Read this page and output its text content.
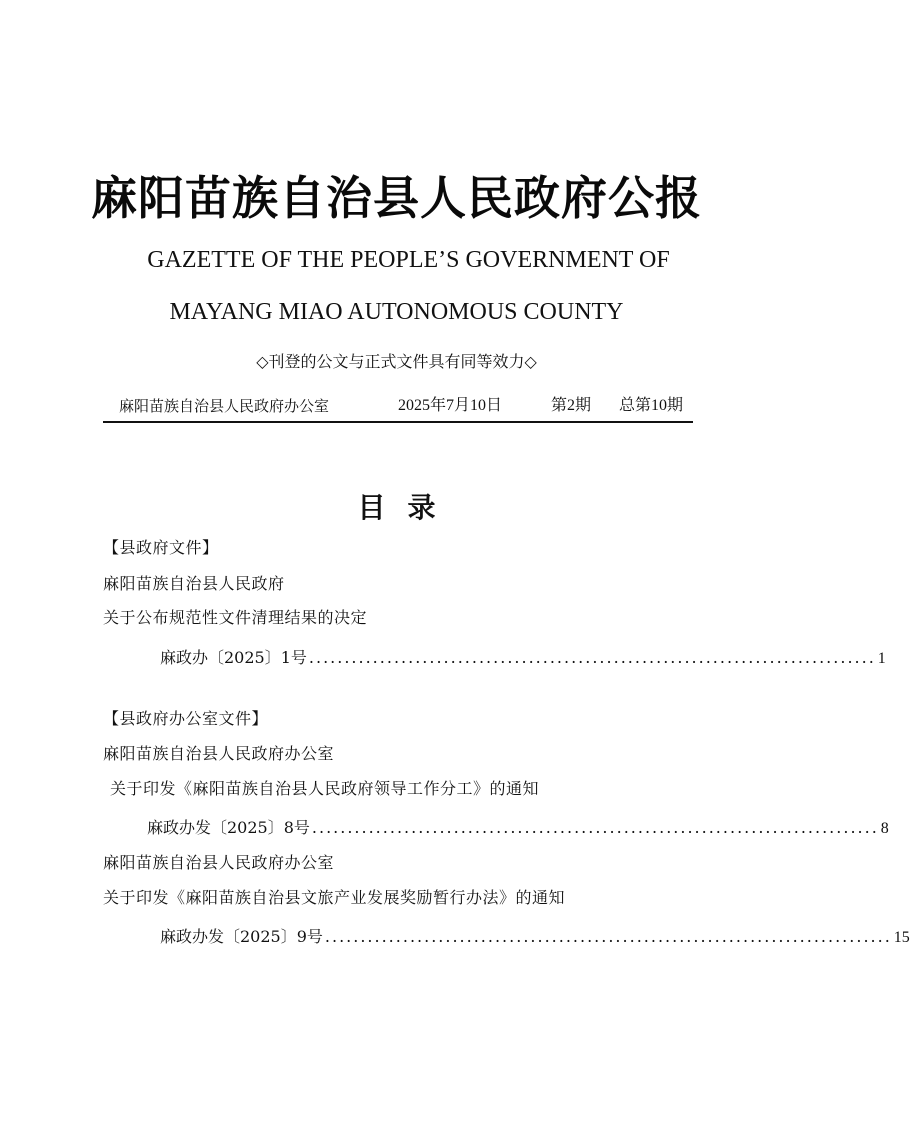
麻阳苗族自治县人民政府公报
GAZETTE OF THE PEOPLE’S GOVERNMENT OF
MAYANG MIAO AUTONOMOUS COUNTY
◇刊登的公文与正式文件具有同等效力◇
麻阳苗族自治县人民政府办公室	2025年7月10日	第2期 总第10期
目录
【县政府文件】
麻阳苗族自治县人民政府
关于公布规范性文件清理结果的决定
麻政办〔2025〕1号 ................................................................................ 1
【县政府办公室文件】
麻阳苗族自治县人民政府办公室
关于印发《麻阳苗族自治县人民政府领导工作分工》的通知
麻政办发〔2025〕8号 ................................................................................ 8
麻阳苗族自治县人民政府办公室
关于印发《麻阳苗族自治县文旅产业发展奖励暂行办法》的通知
麻政办发〔2025〕9号 ................................................................................ 15
